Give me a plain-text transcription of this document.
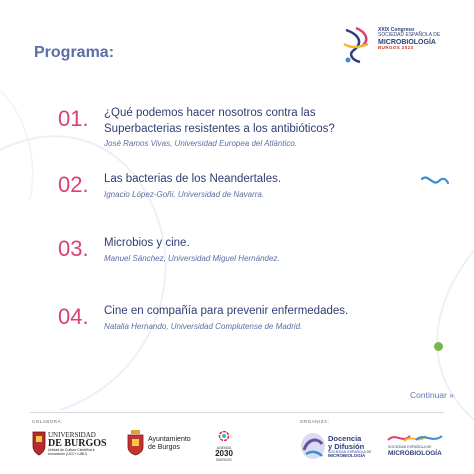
Programa:
XXIX Congreso
SOCIEDAD ESPAÑOLA DE
MICROBIOLOGÍA
BURGOS 2023
01. ¿Qué podemos hacer nosotros contra las
Superbacterias resistentes a los antibióticos?
José Ramos Vivas, Universidad Europea del Atlántico.
02. Las bacterias de los Neandertales.
Ignacio López-Goñi, Universidad de Navarra.
03. Microbios y cine.
Manuel Sánchez, Universidad Miguel Hernández.
04. Cine en compañía para prevenir enfermedades.
Natalia Hernando, Universidad Complutense de Madrid.
Continuar »
COLABORA:	ORGANIZA:
UNIVERSIDAD
DE BURGOS
Unidad de Cultura Científica e Innovación (UCC+i UBU)
Ayuntamiento
de Burgos	AGENDA
2030
BURGOS
Docencia
y Difusión
SOCIEDAD ESPAÑOLA DE
MICROBIOLOGÍA
SOCIEDAD ESPAÑOLA DE
MICROBIOLOGÍA
